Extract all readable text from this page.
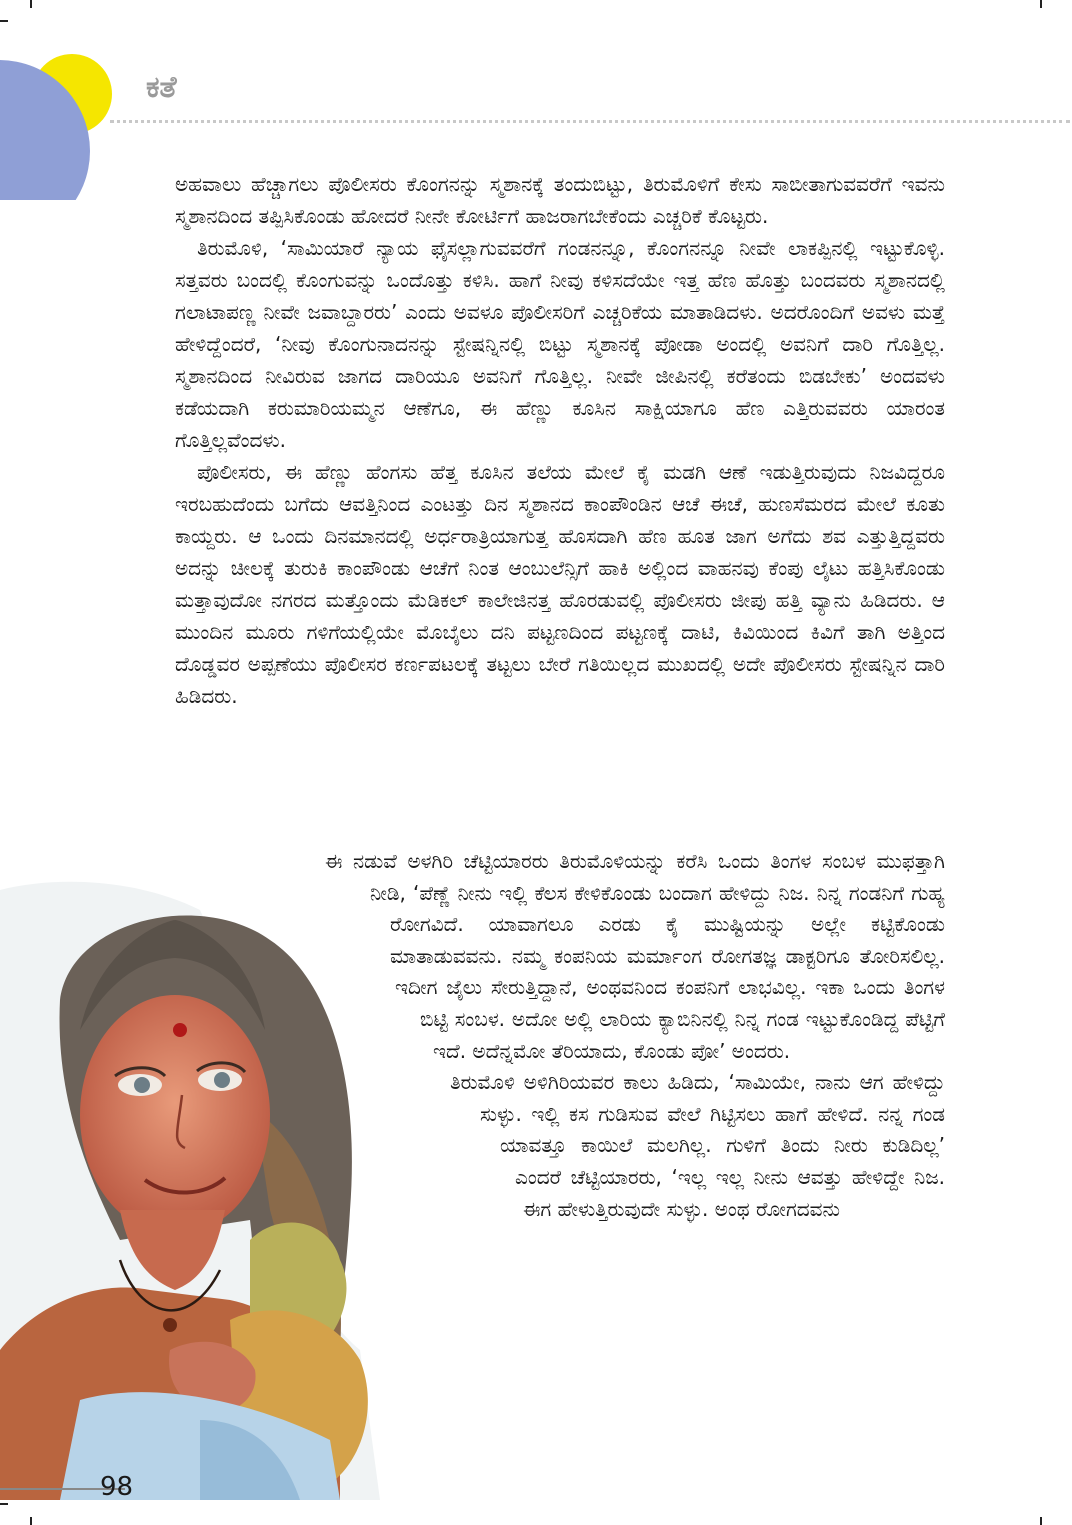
ಕತೆ

ಅಹವಾಲು ಹೆಚ್ಚಾಗಲು ಪೊಲೀಸರು ಕೊಂಗನನ್ನು ಸ್ಮಶಾನಕ್ಕೆ ತಂದುಬಿಟ್ಟು, ತಿರುಮೊಳಿಗೆ ಕೇಸು ಸಾಬೀತಾಗುವವರೆಗೆ ಇವನು ಸ್ಮಶಾನದಿಂದ ತಪ್ಪಿಸಿಕೊಂಡು ಹೋದರೆ ನೀನೇ ಕೋರ್ಟಿಗೆ ಹಾಜರಾಗಬೇಕೆಂದು ಎಚ್ಚರಿಕೆ ಕೊಟ್ಟರು.

ತಿರುಮೊಳಿ, ‘ಸಾಮಿಯಾರೆ ನ್ಯಾಯ ಫೈಸಲ್ಲಾಗುವವರೆಗೆ ಗಂಡನನ್ನೂ, ಕೊಂಗನನ್ನೂ ನೀವೇ ಲಾಕಪ್ಪಿನಲ್ಲಿ ಇಟ್ಟುಕೊಳ್ಳಿ. ಸತ್ತವರು ಬಂದಲ್ಲಿ ಕೊಂಗುವನ್ನು ಒಂದೊತ್ತು ಕಳಿಸಿ. ಹಾಗೆ ನೀವು ಕಳಿಸದೆಯೇ ಇತ್ತ ಹೆಣ ಹೊತ್ತು ಬಂದವರು ಸ್ಮಶಾನದಲ್ಲಿ ಗಲಾಟಾಪಣ್ಣ ನೀವೇ ಜವಾಬ್ದಾರರು’ ಎಂದು ಅವಳೂ ಪೊಲೀಸರಿಗೆ ಎಚ್ಚರಿಕೆಯ ಮಾತಾಡಿದಳು. ಅದರೊಂದಿಗೆ ಅವಳು ಮತ್ತೆ ಹೇಳಿದ್ದೆಂದರೆ, ‘ನೀವು ಕೊಂಗುನಾದನನ್ನು ಸ್ಟೇಷನ್ನಿನಲ್ಲಿ ಬಿಟ್ಟು ಸ್ಮಶಾನಕ್ಕೆ ಪೋಡಾ ಅಂದಲ್ಲಿ ಅವನಿಗೆ ದಾರಿ ಗೊತ್ತಿಲ್ಲ. ಸ್ಮಶಾನದಿಂದ ನೀವಿರುವ ಜಾಗದ ದಾರಿಯೂ ಅವನಿಗೆ ಗೊತ್ತಿಲ್ಲ. ನೀವೇ ಜೀಪಿನಲ್ಲಿ ಕರೆತಂದು ಬಿಡಬೇಕು’ ಅಂದವಳು ಕಡೆಯದಾಗಿ ಕರುಮಾರಿಯಮ್ಮನ ಆಣೆಗೂ, ಈ ಹೆಣ್ಣು ಕೂಸಿನ ಸಾಕ್ಷಿಯಾಗೂ ಹೆಣ ಎತ್ತಿರುವವರು ಯಾರಂತ ಗೊತ್ತಿಲ್ಲವೆಂದಳು.

ಪೊಲೀಸರು, ಈ ಹೆಣ್ಣು ಹೆಂಗಸು ಹೆತ್ತ ಕೂಸಿನ ತಲೆಯ ಮೇಲೆ ಕೈ ಮಡಗಿ ಆಣೆ ಇಡುತ್ತಿರುವುದು ನಿಜವಿದ್ದರೂ ಇರಬಹುದೆಂದು ಬಗೆದು ಆವತ್ತಿನಿಂದ ಎಂಟತ್ತು ದಿನ ಸ್ಮಶಾನದ ಕಾಂಪೌಂಡಿನ ಆಚೆ ಈಚೆ, ಹುಣಸೆಮರದ ಮೇಲೆ ಕೂತು ಕಾಯ್ದರು. ಆ ಒಂದು ದಿನಮಾನದಲ್ಲಿ ಅರ್ಧರಾತ್ರಿಯಾಗುತ್ತ ಹೊಸದಾಗಿ ಹೆಣ ಹೂತ ಜಾಗ ಅಗೆದು ಶವ ಎತ್ತುತ್ತಿದ್ದವರು ಅದನ್ನು ಚೀಲಕ್ಕೆ ತುರುಕಿ ಕಾಂಪೌಂಡು ಆಚೆಗೆ ನಿಂತ ಆಂಬುಲೆನ್ಸಿಗೆ ಹಾಕಿ ಅಲ್ಲಿಂದ ವಾಹನವು ಕೆಂಪು ಲೈಟು ಹತ್ತಿಸಿಕೊಂಡು ಮತ್ತಾವುದೋ ನಗರದ ಮತ್ತೊಂದು ಮೆಡಿಕಲ್ ಕಾಲೇಜಿನತ್ತ ಹೊರಡುವಲ್ಲಿ ಪೊಲೀಸರು ಜೀಪು ಹತ್ತಿ ವ್ಯಾನು ಹಿಡಿದರು. ಆ ಮುಂದಿನ ಮೂರು ಗಳಿಗೆಯಲ್ಲಿಯೇ ಮೊಬೈಲು ದನಿ ಪಟ್ಟಣದಿಂದ ಪಟ್ಟಣಕ್ಕೆ ದಾಟಿ, ಕಿವಿಯಿಂದ ಕಿವಿಗೆ ತಾಗಿ ಅತ್ತಿಂದ ದೊಡ್ಡವರ ಅಪ್ಪಣೆಯು ಪೊಲೀಸರ ಕರ್ಣಪಟಲಕ್ಕೆ ತಟ್ಟಲು ಬೇರೆ ಗತಿಯಿಲ್ಲದ ಮುಖದಲ್ಲಿ ಅದೇ ಪೊಲೀಸರು ಸ್ಟೇಷನ್ನಿನ ದಾರಿ ಹಿಡಿದರು.

ಈ ನಡುವೆ ಅಳಗಿರಿ ಚೆಟ್ಟಿಯಾರರು ತಿರುಮೊಳಿಯನ್ನು ಕರೆಸಿ ಒಂದು ತಿಂಗಳ ಸಂಬಳ ಮುಫತ್ತಾಗಿ ನೀಡಿ, ‘ಪೆಣ್ಣೆ ನೀನು ಇಲ್ಲಿ ಕೆಲಸ ಕೇಳಿಕೊಂಡು ಬಂದಾಗ ಹೇಳಿದ್ದು ನಿಜ. ನಿನ್ನ ಗಂಡನಿಗೆ ಗುಹ್ಯ ರೋಗವಿದೆ. ಯಾವಾಗಲೂ ಎರಡು ಕೈ ಮುಷ್ಟಿಯನ್ನು ಅಲ್ಲೇ ಕಟ್ಟಿಕೊಂಡು ಮಾತಾಡುವವನು. ನಮ್ಮ ಕಂಪನಿಯ ಮರ್ಮಾಂಗ ರೋಗತಜ್ಞ ಡಾಕ್ಟರಿಗೂ ತೋರಿಸಲಿಲ್ಲ. ಇದೀಗ ಜೈಲು ಸೇರುತ್ತಿದ್ದಾನೆ, ಅಂಥವನಿಂದ ಕಂಪನಿಗೆ ಲಾಭವಿಲ್ಲ. ಇಕಾ ಒಂದು ತಿಂಗಳ ಬಿಟ್ಟಿ ಸಂಬಳ. ಅದೋ ಅಲ್ಲಿ ಲಾರಿಯ ಕ್ಯಾಬಿನಿನಲ್ಲಿ ನಿನ್ನ ಗಂಡ ಇಟ್ಟುಕೊಂಡಿದ್ದ ಪೆಟ್ಟಿಗೆ ಇದೆ. ಅದೆನ್ನಮೋ ತೆರಿಯಾದು, ಕೊಂಡು ಪೋ’ ಅಂದರು.

ತಿರುಮೊಳಿ ಅಳಿಗಿರಿಯವರ ಕಾಲು ಹಿಡಿದು, ‘ಸಾಮಿಯೇ, ನಾನು ಆಗ ಹೇಳಿದ್ದು ಸುಳ್ಳು. ಇಲ್ಲಿ ಕಸ ಗುಡಿಸುವ ವೇಲೆ ಗಿಟ್ಟಿಸಲು ಹಾಗೆ ಹೇಳಿದೆ. ನನ್ನ ಗಂಡ ಯಾವತ್ತೂ ಕಾಯಿಲೆ ಮಲಗಿಲ್ಲ. ಗುಳಿಗೆ ತಿಂದು ನೀರು ಕುಡಿದಿಲ್ಲ’ ಎಂದರೆ ಚೆಟ್ಟಿಯಾರರು, ‘ಇಲ್ಲ ಇಲ್ಲ ನೀನು ಆವತ್ತು ಹೇಳಿದ್ದೇ ನಿಜ. ಈಗ ಹೇಳುತ್ತಿರುವುದೇ ಸುಳ್ಳು. ಅಂಥ ರೋಗದವನು

98
